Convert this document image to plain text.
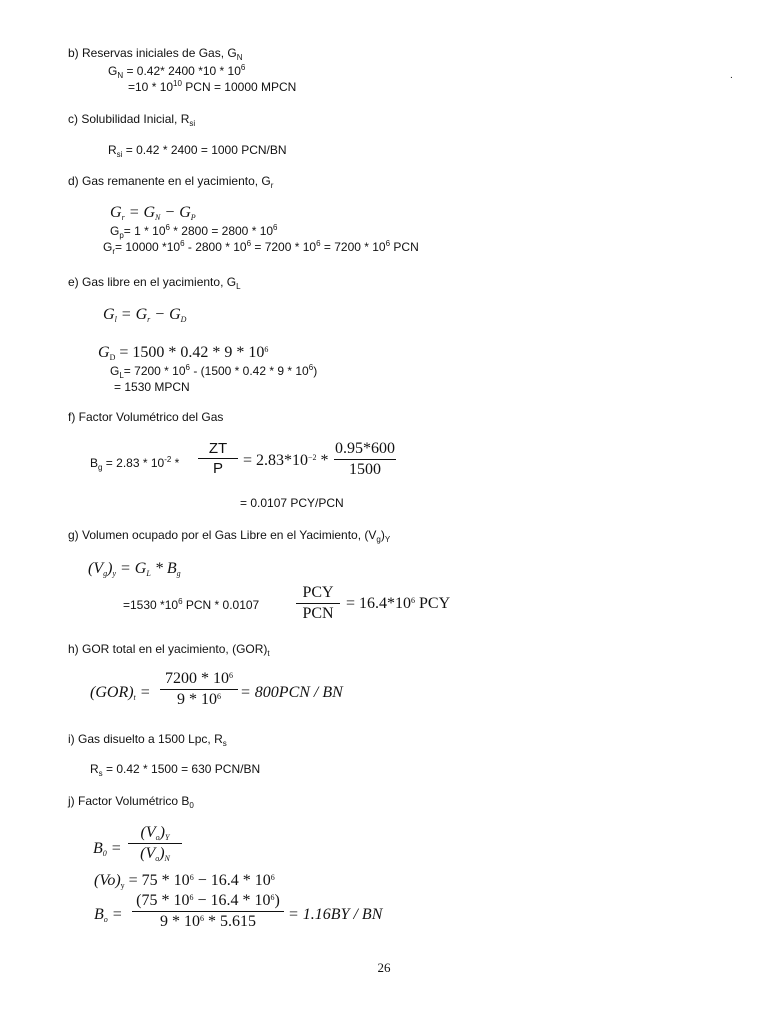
b) Reservas iniciales de Gas, $G_N$
$G_N = 0.42*$ 2400 $*10 * 10^6$
$=10 * 10^{10}$ PCN = 10000 MPCN
.
c) Solubilidad Inicial, $R_{si}$
$R_{si} = 0.42 * 2400 = 1000$ PCN/BN
d) Gas remanente en el yacimiento, $G_r$
$G_r = G_N - G_P$
$G_p= 1 * 10^6 * 2800 = 2800 * 10^6$
$G_r= 10000$ $*10^6 - 2800 * 10^6 = 7200 * 10^6 = 7200 * 10^6$ PCN
e) Gas libre en el yacimiento, $G_L$
$G_l = G_r - G_D$
$G_D = 1500 * 0.42 * 9 * 10^6$
$G_L= 7200 * 10^6 - (1500 * 0.42 * 9 * 10^6)$
= 1530 MPCN
f) Factor Volumétrico del Gas
$B_g = 2.83 * 10^{-2}$ *
ZT
P	= $2.83*10^{-2}$ *
0.95*600
1500
= 0.0107 PCY/PCN
g) Volumen ocupado por el Gas Libre en el Yacimiento, $(V_g)_Y$
$(V_g)_y = G_L * B_g$
=1530 $*10^6$ PCN * 0.0107
PCY
PCN
= $16.4*10^6$ PCY
h) GOR total en el yacimiento, $(GOR)_t$
$(GOR)_t$ =
$7200 * 10^6$
$9 * 10^6$	= 800PCN / BN
i) Gas disuelto a 1500 Lpc, $R_s$
$R_s = 0.42 * 1500 = 630$ PCN/BN
j) Factor Volumétrico $B_0$
$B_0$ =
$(V_o)_Y$
$(V_o)_N$
$(Vo)_y = 75 * 10^6 - 16.4 * 10^6$
$B_o$ =
$(75 * 10^6 - 16.4 * 10^6)$
$9 * 10^6 * 5.615$	= 1.16BY / BN
26
